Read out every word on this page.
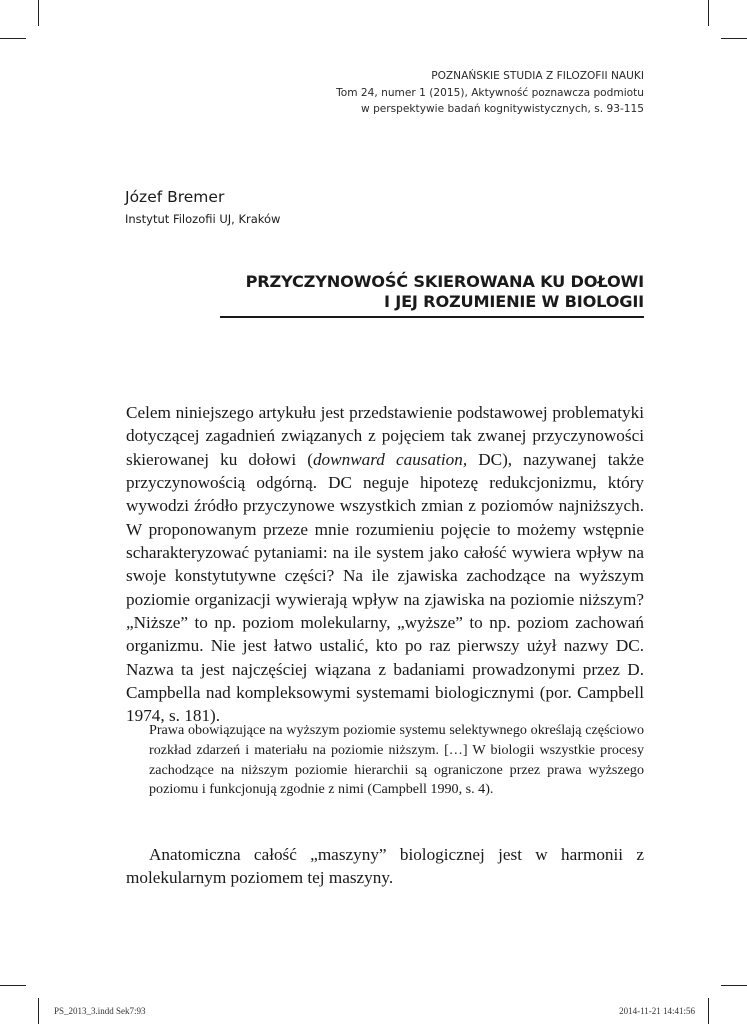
POZNAŃSKIE STUDIA Z FILOZOFII NAUKI
Tom 24, numer 1 (2015), Aktywność poznawcza podmiotu
w perspektywie badań kognitywistycznych, s. 93-115
Józef Bremer
Instytut Filozofii UJ, Kraków
PRZYCZYNOWOŚĆ SKIEROWANA KU DOŁOWI
I JEJ ROZUMIENIE W BIOLOGII

Celem niniejszego artykułu jest przedstawienie podstawowej problematyki dotyczącej zagadnień związanych z pojęciem tak zwanej przyczynowości skierowanej ku dołowi (downward causation, DC), nazywanej także przyczynowością odgórną. DC neguje hipotezę redukcjonizmu, który wywodzi źródło przyczynowe wszystkich zmian z poziomów najniższych. W proponowanym przeze mnie rozumieniu pojęcie to możemy wstępnie scharakteryzować pytaniami: na ile system jako całość wywiera wpływ na swoje konstytutywne części? Na ile zjawiska zachodzące na wyższym poziomie organizacji wywierają wpływ na zjawiska na poziomie niższym? „Niższe” to np. poziom molekularny, „wyższe” to np. poziom zachowań organizmu. Nie jest łatwo ustalić, kto po raz pierwszy użył nazwy DC. Nazwa ta jest najczęściej wiązana z badaniami prowadzonymi przez D. Campbella nad kompleksowymi systemami biologicznymi (por. Campbell 1974, s. 181).

Prawa obowiązujące na wyższym poziomie systemu selektywnego określają częściowo rozkład zdarzeń i materiału na poziomie niższym. […] W biologii wszystkie procesy zachodzące na niższym poziomie hierarchii są ograniczone przez prawa wyższego poziomu i funkcjonują zgodnie z nimi (Campbell 1990, s. 4).

Anatomiczna całość „maszyny” biologicznej jest w harmonii z molekularnym poziomem tej maszyny.

PS_2013_3.indd Sek7:93	2014-11-21 14:41:56
